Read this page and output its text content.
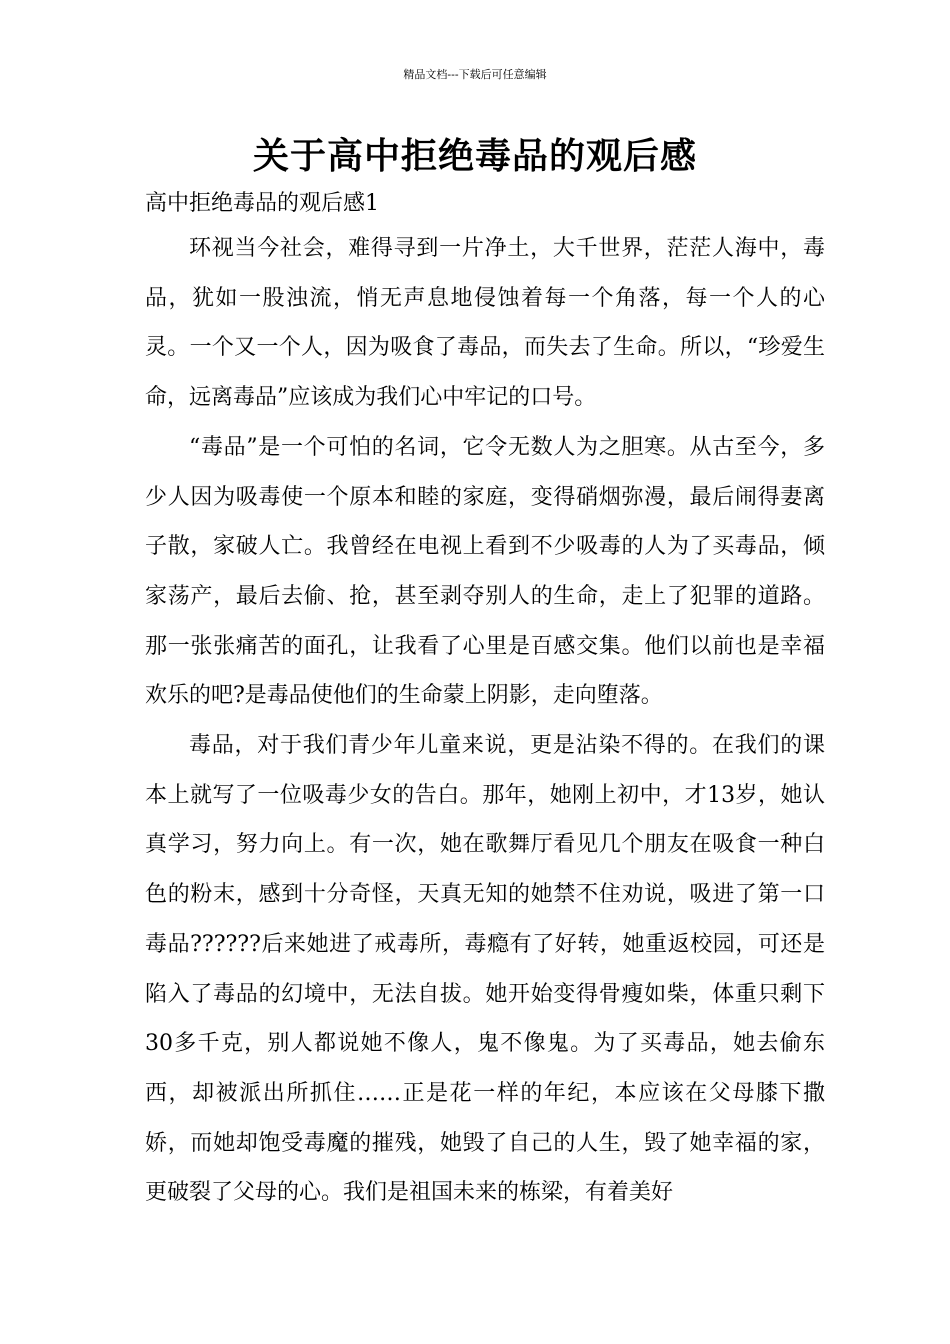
精品文档---下载后可任意编辑
关于高中拒绝毒品的观后感
高中拒绝毒品的观后感1

环视当今社会，难得寻到一片净土，大千世界，茫茫人海中，毒品，犹如一股浊流，悄无声息地侵蚀着每一个角落，每一个人的心灵。一个又一个人，因为吸食了毒品，而失去了生命。所以，“珍爱生命，远离毒品”应该成为我们心中牢记的口号。

“毒品”是一个可怕的名词，它令无数人为之胆寒。从古至今，多少人因为吸毒使一个原本和睦的家庭，变得硝烟弥漫，最后闹得妻离子散，家破人亡。我曾经在电视上看到不少吸毒的人为了买毒品，倾家荡产，最后去偷、抢，甚至剥夺别人的生命，走上了犯罪的道路。那一张张痛苦的面孔，让我看了心里是百感交集。他们以前也是幸福欢乐的吧?是毒品使他们的生命蒙上阴影，走向堕落。

毒品，对于我们青少年儿童来说，更是沾染不得的。在我们的课本上就写了一位吸毒少女的告白。那年，她刚上初中，才13岁，她认真学习，努力向上。有一次，她在歌舞厅看见几个朋友在吸食一种白色的粉末，感到十分奇怪，天真无知的她禁不住劝说，吸进了第一口毒品??????后来她进了戒毒所，毒瘾有了好转，她重返校园，可还是陷入了毒品的幻境中，无法自拔。她开始变得骨瘦如柴，体重只剩下30多千克，别人都说她不像人，鬼不像鬼。为了买毒品，她去偷东西，却被派出所抓住……正是花一样的年纪，本应该在父母膝下撒娇，而她却饱受毒魔的摧残，她毁了自己的人生，毁了她幸福的家，更破裂了父母的心。我们是祖国未来的栋梁，有着美好
